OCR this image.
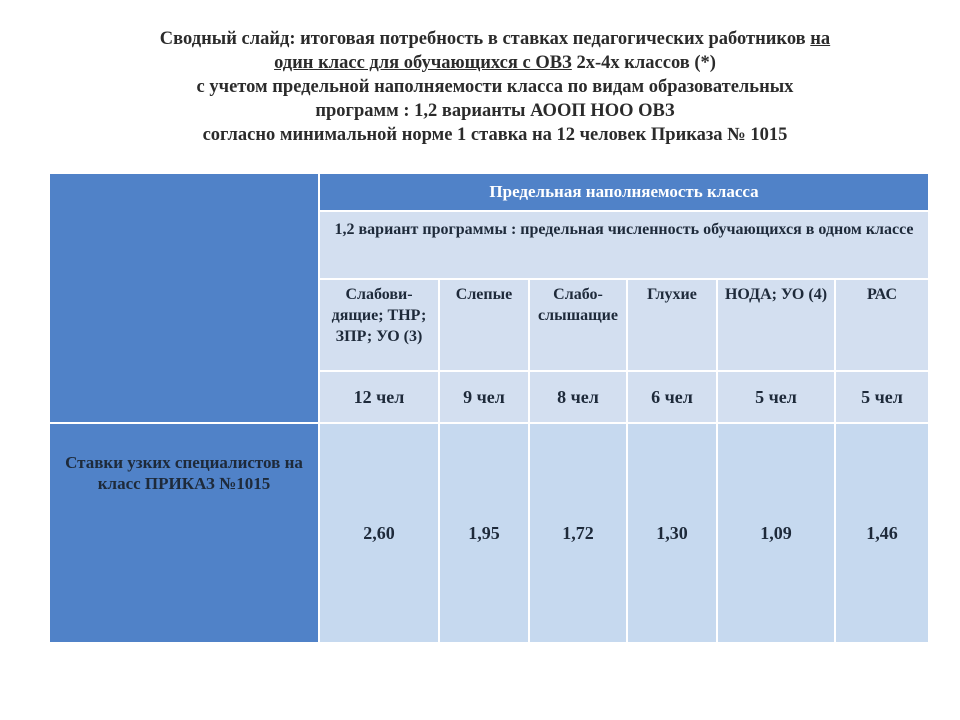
Сводный слайд: итоговая потребность в ставках педагогических работников на
один класс для обучающихся с ОВЗ 2х-4х классов (*)
с учетом предельной наполняемости класса по видам образовательных
программ : 1,2 варианты АООП НОО ОВЗ
согласно минимальной норме 1 ставка на 12 человек Приказа № 1015
	Предельная наполняемость класса					
	1,2 вариант программы : предельная численность обучающихся в одном классе					
	Слабови-дящие; ТНР; ЗПР; УО (3)	Слепые	Слабо-слышащие	Глухие	НОДА; УО (4)	РАС
	12 чел	9 чел	8 чел	6 чел	5 чел	5 чел
Ставки узких специалистов на класс ПРИКАЗ №1015	2,60	1,95	1,72	1,30	1,09	1,46
